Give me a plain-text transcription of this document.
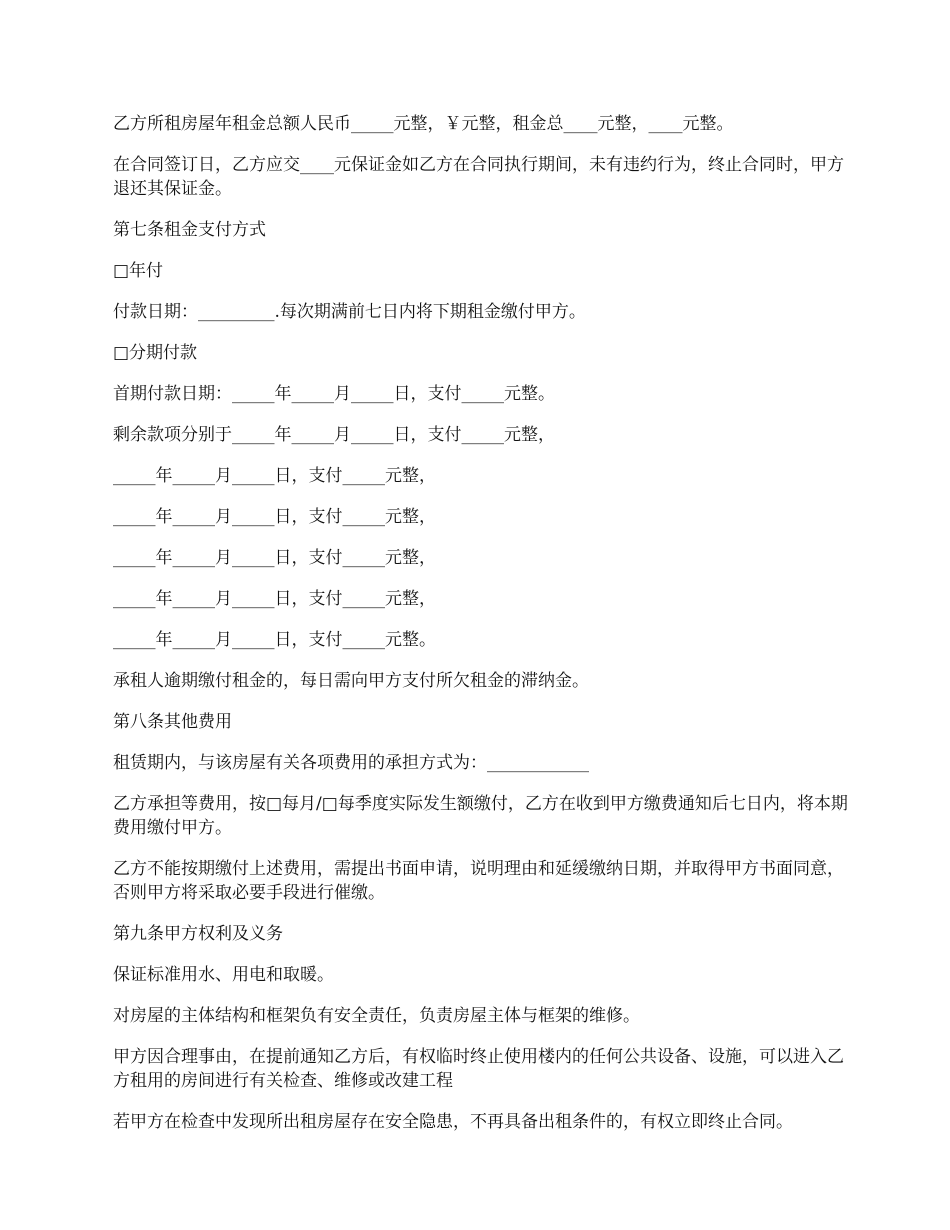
乙方所租房屋年租金总额人民币_____元整，￥元整，租金总____元整，____元整。

在合同签订日，乙方应交____元保证金如乙方在合同执行期间，未有违约行为，终止合同时，甲方退还其保证金。

第七条租金支付方式

□年付

付款日期：_________.每次期满前七日内将下期租金缴付甲方。

□分期付款

首期付款日期：_____年_____月_____日，支付_____元整。

剩余款项分别于_____年_____月_____日，支付_____元整，

_____年_____月_____日，支付_____元整，

_____年_____月_____日，支付_____元整，

_____年_____月_____日，支付_____元整，

_____年_____月_____日，支付_____元整，

_____年_____月_____日，支付_____元整。

承租人逾期缴付租金的，每日需向甲方支付所欠租金的滞纳金。

第八条其他费用

租赁期内，与该房屋有关各项费用的承担方式为：____________

乙方承担等费用，按□每月/□每季度实际发生额缴付，乙方在收到甲方缴费通知后七日内，将本期费用缴付甲方。

乙方不能按期缴付上述费用，需提出书面申请，说明理由和延缓缴纳日期，并取得甲方书面同意，否则甲方将采取必要手段进行催缴。

第九条甲方权利及义务

保证标准用水、用电和取暖。

对房屋的主体结构和框架负有安全责任，负责房屋主体与框架的维修。

甲方因合理事由，在提前通知乙方后，有权临时终止使用楼内的任何公共设备、设施，可以进入乙方租用的房间进行有关检查、维修或改建工程

若甲方在检查中发现所出租房屋存在安全隐患，不再具备出租条件的，有权立即终止合同。
